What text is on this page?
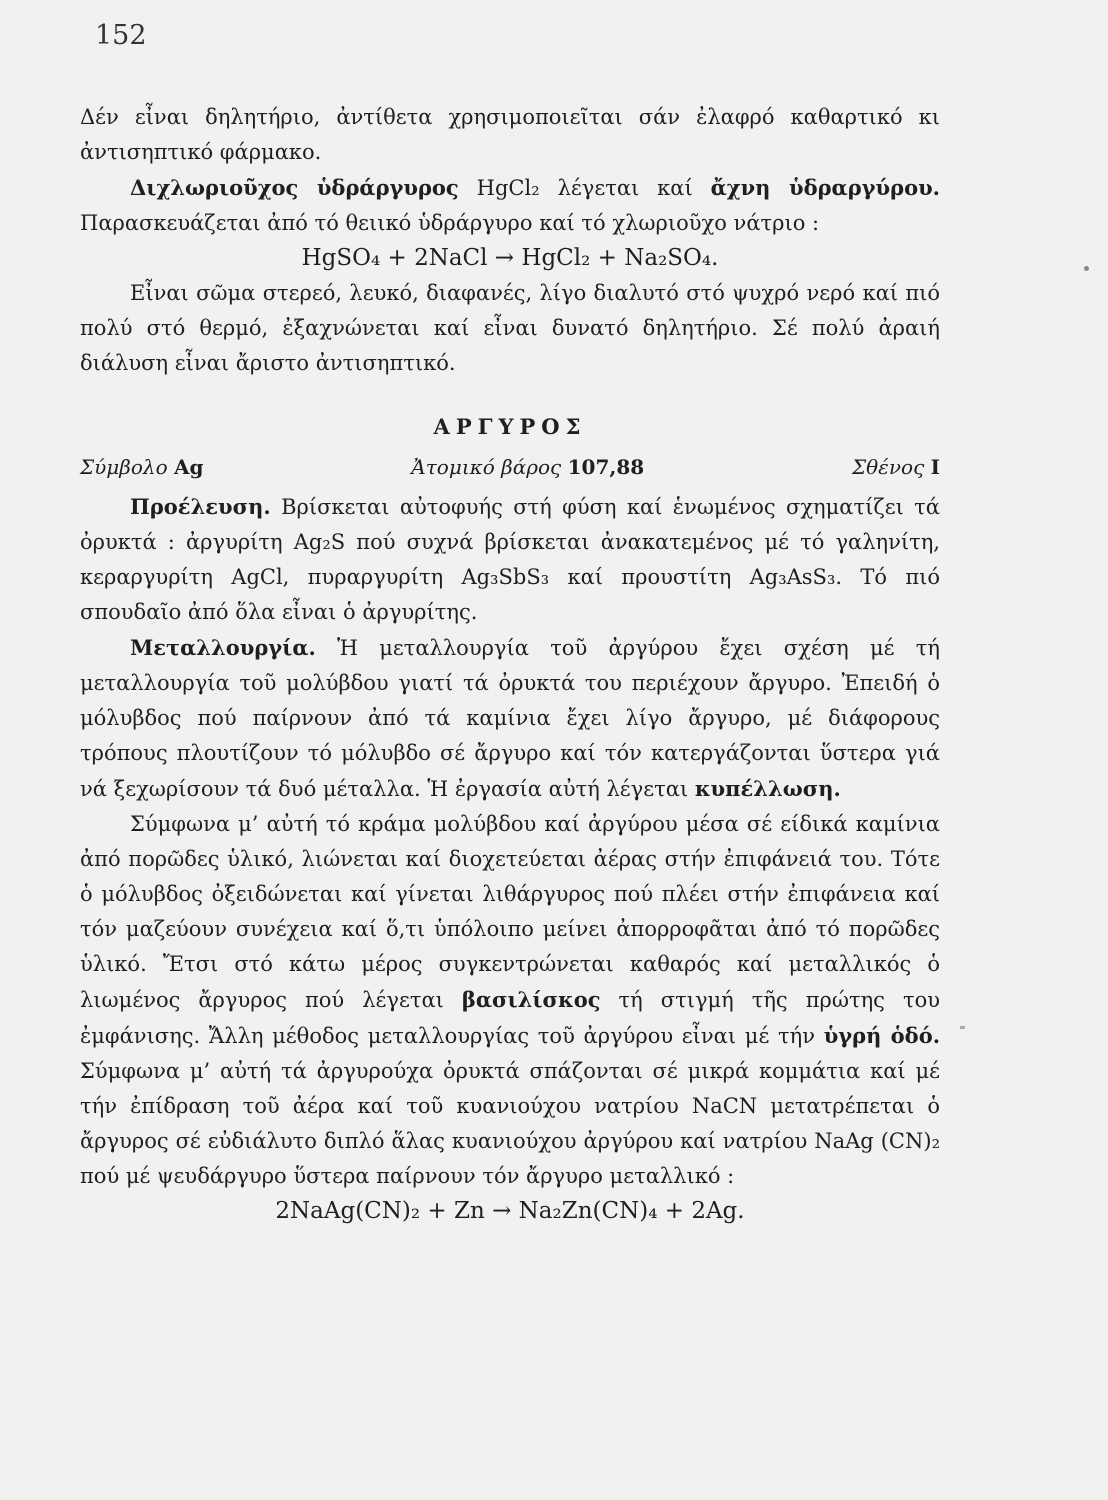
152

Δέν εἶναι δηλητήριο, ἀντίθετα χρησιμοποιεῖται σάν ἐλαφρό καθαρτικό κι ἀντισηπτικό φάρμακο.

Διχλωριοῦχος ὑδράργυρος HgCl₂ λέγεται καί ἄχνη ὑδραργύρου. Παρασκευάζεται ἀπό τό θειικό ὑδράργυρο καί τό χλωριοῦχο νάτριο :

HgSO₄ + 2NaCl → HgCl₂ + Na₂SO₄.

Εἶναι σῶμα στερεό, λευκό, διαφανές, λίγο διαλυτό στό ψυχρό νερό καί πιό πολύ στό θερμό, ἐξαχνώνεται καί εἶναι δυνατό δηλητήριο. Σέ πολύ ἀραιή διάλυση εἶναι ἄριστο ἀντισηπτικό.

ΑΡΓΥΡΟΣ

Σύμβολο Ag	Ἀτομικό βάρος 107,88	Σθένος I

Προέλευση. Βρίσκεται αὐτοφυής στή φύση καί ἑνωμένος σχηματίζει τά ὀρυκτά : ἀργυρίτη Ag₂S πού συχνά βρίσκεται ἀνακατεμένος μέ τό γαληνίτη, κεραργυρίτη AgCl, πυραργυρίτη Ag₃SbS₃ καί προυστίτη Ag₃AsS₃. Τό πιό σπουδαῖο ἀπό ὅλα εἶναι ὁ ἀργυρίτης.

Μεταλλουργία. Ἡ μεταλλουργία τοῦ ἀργύρου ἔχει σχέση μέ τή μεταλλουργία τοῦ μολύβδου γιατί τά ὀρυκτά του περιέχουν ἄργυρο. Ἐπειδή ὁ μόλυβδος πού παίρνουν ἀπό τά καμίνια ἔχει λίγο ἄργυρο, μέ διάφορους τρόπους πλουτίζουν τό μόλυβδο σέ ἄργυρο καί τόν κατεργάζονται ὕστερα γιά νά ξεχωρίσουν τά δυό μέταλλα. Ἡ ἐργασία αὐτή λέγεται κυπέλλωση.

Σύμφωνα μ’ αὐτή τό κράμα μολύβδου καί ἀργύρου μέσα σέ είδικά καμίνια ἀπό πορῶδες ὑλικό, λιώνεται καί διοχετεύεται ἀέρας στήν ἐπιφάνειά του. Τότε ὁ μόλυβδος ὀξειδώνεται καί γίνεται λιθάργυρος πού πλέει στήν ἐπιφάνεια καί τόν μαζεύουν συνέχεια καί ὅ,τι ὑπόλοιπο μείνει ἀπορροφᾶται ἀπό τό πορῶδες ὑλικό. Ἔτσι στό κάτω μέρος συγκεντρώνεται καθαρός καί μεταλλικός ὁ λιωμένος ἄργυρος πού λέγεται βασιλίσκος τή στιγμή τῆς πρώτης του ἐμφάνισης. Ἄλλη μέθοδος μεταλλουργίας τοῦ ἀργύρου εἶναι μέ τήν ὑγρή ὁδό. Σύμφωνα μ’ αὐτή τά ἀργυρούχα ὀρυκτά σπάζονται σέ μικρά κομμάτια καί μέ τήν ἐπίδραση τοῦ ἀέρα καί τοῦ κυανιούχου νατρίου NaCN μετατρέπεται ὁ ἄργυρος σέ εὐδιάλυτο διπλό ἅλας κυανιούχου ἀργύρου καί νατρίου NaAg (CN)₂ πού μέ ψευδάργυρο ὕστερα παίρνουν τόν ἄργυρο μεταλλικό :

2NaAg(CN)₂ + Zn → Na₂Zn(CN)₄ + 2Ag.
